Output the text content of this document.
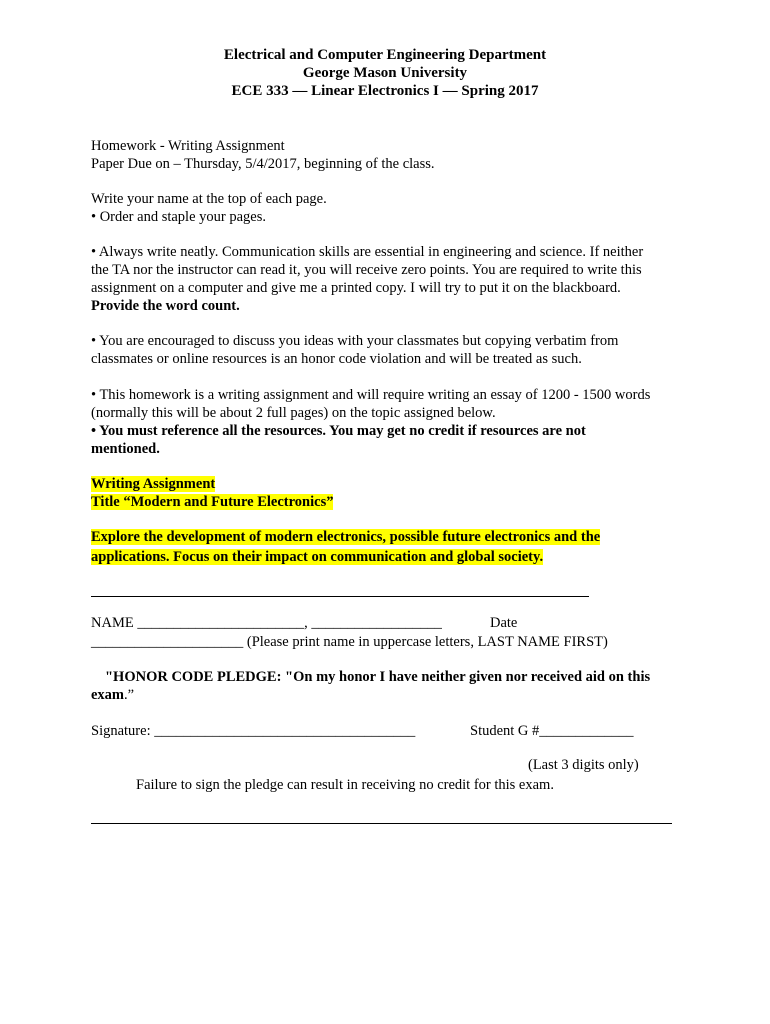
Electrical and Computer Engineering Department
George Mason University
ECE 333 — Linear Electronics I — Spring 2017
Homework - Writing Assignment
Paper Due on – Thursday, 5/4/2017, beginning of the class.
Write your name at the top of each page.
• Order and staple your pages.
• Always write neatly. Communication skills are essential in engineering and science. If neither
the TA nor the instructor can read it, you will receive zero points. You are required to write this
assignment on a computer and give me a printed copy. I will try to put it on the blackboard.
Provide the word count.
• You are encouraged to discuss you ideas with your classmates but copying verbatim from
classmates or online resources is an honor code violation and will be treated as such.
• This homework is a writing assignment and will require writing an essay of 1200 - 1500 words
(normally this will be about 2 full pages) on the topic assigned below.
• You must reference all the resources. You may get no credit if resources are not
mentioned.
Writing Assignment
Title “Modern and Future Electronics”
Explore the development of modern electronics, possible future electronics and the
applications. Focus on their impact on communication and global society.
NAME _______________________, __________________	Date
_____________________ (Please print name in uppercase letters, LAST NAME FIRST)
"HONOR CODE PLEDGE: "On my honor I have neither given nor received aid on this
exam.”
Signature: ____________________________________	Student G #_____________
(Last 3 digits only)
Failure to sign the pledge can result in receiving no credit for this exam.
